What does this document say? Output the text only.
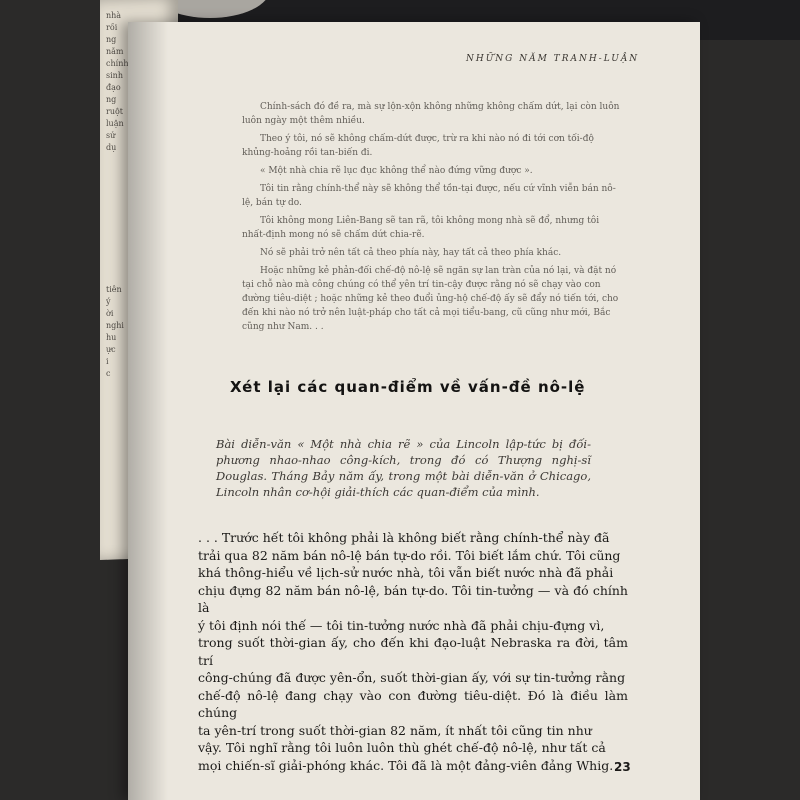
nhà
rồi
ng
nằm
chính
sinh
đạo
ng
ruột
luận
sử
dụ
tiên
ý
ời
nghi
hu
ực
i
c
NHỮNG NĂM TRANH-LUẬN

Chính-sách đó đề ra, mà sự lộn-xộn không những không chấm dứt, lại còn luôn luôn ngày một thêm nhiều.

Theo ý tôi, nó sẽ không chấm-dứt được, trừ ra khi nào nó đi tới cơn tối-độ khủng-hoảng rồi tan-biến đi.

« Một nhà chia rẽ lục đục không thể nào đứng vững được ».

Tôi tin rằng chính-thể này sẽ không thể tồn-tại được, nếu cứ vĩnh viễn bán nô-lệ, bán tự do.

Tôi không mong Liên-Bang sẽ tan rã, tôi không mong nhà sẽ đổ, nhưng tôi nhất-định mong nó sẽ chấm dứt chia-rẽ.

Nó sẽ phải trở nên tất cả theo phía này, hay tất cả theo phía khác.

Hoặc những kẻ phản-đối chế-độ nô-lệ sẽ ngăn sự lan tràn của nó lại, và đặt nó tại chỗ nào mà công chúng có thể yên trí tin-cậy được rằng nó sẽ chạy vào con đường tiêu-diệt ; hoặc những kẻ theo đuổi ủng-hộ chế-độ ấy sẽ đẩy nó tiến tới, cho đến khi nào nó trở nên luật-pháp cho tất cả mọi tiểu-bang, cũ cũng như mới, Bắc cũng như Nam. . .

Xét lại các quan-điểm về vấn-đề nô-lệ
Bài diễn-văn « Một nhà chia rẽ » của Lincoln lập-tức bị đối-phương nhao-nhao công-kích, trong đó có Thượng nghị-sĩ Douglas. Tháng Bảy năm ấy, trong một bài diễn-văn ở Chicago, Lincoln nhân cơ-hội giải-thích các quan-điểm của mình.
. . . Trước hết tôi không phải là không biết rằng chính-thể này đã
trải qua 82 năm bán nô-lệ bán tự-do rồi. Tôi biết lắm chứ. Tôi cũng
khá thông-hiểu về lịch-sử nước nhà, tôi vẫn biết nước nhà đã phải
chịu đựng 82 năm bán nô-lệ, bán tự-do. Tôi tin-tưởng — và đó chính là
ý tôi định nói thế — tôi tin-tưởng nước nhà đã phải chịu-đựng vì,
trong suốt thời-gian ấy, cho đến khi đạo-luật Nebraska ra đời, tâm trí
công-chúng đã được yên-ổn, suốt thời-gian ấy, với sự tin-tưởng rằng
chế-độ nô-lệ đang chạy vào con đường tiêu-diệt. Đó là điều làm chúng
ta yên-trí trong suốt thời-gian 82 năm, ít nhất tôi cũng tin như
vậy. Tôi nghĩ rằng tôi luôn luôn thù ghét chế-độ nô-lệ, như tất cả
mọi chiến-sĩ giải-phóng khác. Tôi đã là một đảng-viên đảng Whig. 23
